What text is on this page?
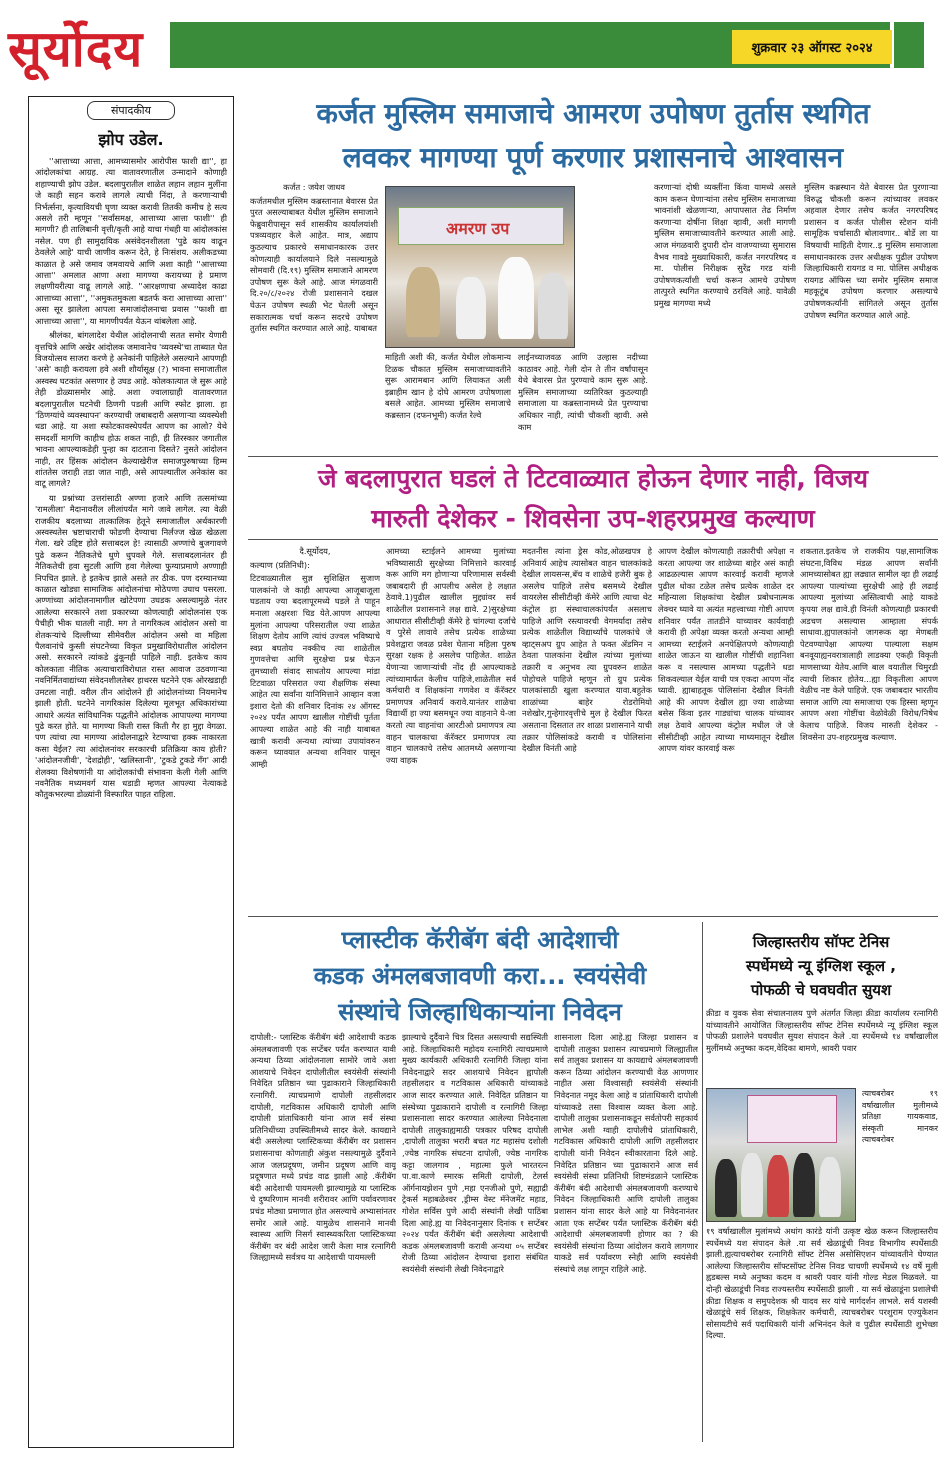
सूर्योदय	शुक्रवार २३ ऑगस्ट २०२४
संपादकीय
झोप उडेल.

''आत्ताच्या आत्ता, आमच्यासमोर आरोपीस फाशी द्या'', हा आंदोलकांचा आग्रह. त्या वातावरणातील उन्मादाने कोणाही शहाण्याची झोप उडेल. बदलापुरातील शाळेत लहान लहान मुलींना जे काही सहन करावे लागले त्याची निंदा, ते करणाऱ्याची निर्भर्त्सना, कृत्यावियची घृणा व्यक्त करावी तितकी कमीच हे सत्य असले तरी म्हणून ''सर्वांसमक्ष, आत्ताच्या आत्ता फाशी'' ही मागणी? ही तालिबानी वृत्ती/कृती आहे याचा गंधही या आंदोलकांस नसेल. पण ही सामुदायिक असंवेदनशीलता 'पुढे काय वाढून ठेवलेले आहे' याची जाणीव करून देते, हे निःसंशय. अलीकडच्या काळात हे असे जमाव जमवायचे आणि अशा काही ''आत्ताच्या आत्ता'' अमलात आणा अशा मागण्या करायच्या हे प्रमाण लक्षणीयरीत्या वाढू लागले आहे. ''आरक्षणाचा अध्यादेश काढा आत्ताच्या आत्ता'', ''अमुकतमुकला बडतर्फ करा आत्ताच्या आत्ता'' असा सूर झालेला आपला समाजांदोलनाचा प्रवास ''फाशी द्या आत्ताच्या आत्ता'', या मागणीपर्यंत येऊन थांबलेला आहे.

श्रीलंका, बांगलादेश येथील आंदोलनाची सतत समोर येणारी वृत्तचित्रे आणि अखेर आंदोलक जमावानेच 'व्यवस्थे'चा ताब्यात घेत विजयोत्सव साजरा करणे हे अनेकांनी पाहिलेले असल्याने आपणही 'असे' काही करायला हवे अशी शौर्यासूक्ष (?) भावना समाजातील अस्वस्थ घटकांत असणार हे उघड आहे. कोलकात्यात जे सुरू आहे तेही डोळ्यासमोर आहे. अशा ज्वालाग्राही वातावरणात बदलापुरातील घटनेची ठिणगी पडली आणि स्फोट झाला. हा 'ठिणग्यांचे व्यवस्थापन' करण्याची जबाबदारी असणाऱ्या व्यवस्थेशी धडा आहे. या अशा स्फोटकावस्थेपर्यंत आपण का आलो? येथे समदर्शी मागणि काहीच होऊ शकत नाही, ही तिरस्कार जगातील भावना आपल्याकडेही पुन्हा का दाटताना दिसते? नुसते आंदोलन नाही, तर हिंसक आंदोलन केल्याखेरीज समाजपुरुषाच्या हिम्म शांततेस जराही तडा जात नाही, असे आपल्यातील अनेकांस का वाटू लागले?

या प्रश्नांच्या उत्तरांसाठी अण्णा हजारे आणि तत्समांच्या 'रामलीला' मैदानावरील लीलांपर्यंत मागे जावे लागेल. त्या वेळी राजकीय बदलाच्या तात्कालिक हेतूने समाजातील अर्थकारणी अस्वस्थतेस भ्रष्टाचाराची फोडणी देण्याचा निर्लज्ज खेळ खेळला गेला. खरे उद्दिष्ट होते सत्ताबदल हे! त्यासाठी अण्णांचे बुजगावणे पुढे करून नैतिकतेचे धुणे धुपवले गेले. सत्ताबदलानंतर ही नैतिकतेची हवा सुटली आणि हवा गेलेल्या फुग्याप्रमाणे अण्णाही निपचित झाले. हे इतकेच झाले असते तर ठीक. पण दरम्यानच्या काळात खोड्या सामाजिक आंदोलनांचा मोठेपणा उघाच पसरला. अण्णांच्या आंदोलनामागील खोटेपणा उघडक असल्यामुळे नंतर आलेल्या सरकारने तशा प्रकारच्या कोणत्याही आंदोलनांस एक पैचीही भीक घातली नाही. मग ते नागरिकत्व आंदोलन असो वा शेतकऱ्यांचे दिल्लीच्या सीमेवरील आंदोलन असो वा महिला पैलवानांचे कुस्ती संघटनेच्या विकृत प्रमुखाविरोधातील आंदोलन असो. सरकारने त्यांकडे ढुंकूनही पाहिले नाही. इतकेच काय कोलकाता नीतिक अत्याचाराविरोधात रास्त आवाज उठवणाऱ्या नवनिर्मितवाद्यांच्या संवेदनशीलतेबर हाथरस घटनेने एक ओरखडाही उमटला नाही. वरील तीन आंदोलने ही आंदोलनांच्या नियमानेच झाली होती. घटनेने नागरिकांस दिलेल्या मूलभूत अधिकारांच्या आधारे अत्यंत सांविधानिक पद्धतीने आंदोलक आपापल्या मागण्या पुढे करत होते. या मागण्या किती रास्त किती गैर हा मुद्दा वेगळा. पण त्यांचा त्या मागण्या आंदोलनाद्वारे रेटण्याचा हक्क नाकारता कसा येईल? त्या आंदोलनांवर सरकारची प्रतिक्रिया काय होती? 'आंदोलनजीवी', 'देशद्रोही', 'खलिस्तानी', 'टुकडे टुकडे गँग' आदी शेलक्या विशेषणांनी या आंदोलकांची संभावना केली गेली आणि नवनैतिक मध्यमवर्ग यास धडाडी म्हणत आपल्या नेत्याकडे कौतुकभरल्या डोळ्यांनी विस्फारित पाहत राहिला.

कर्जत मुस्लिम समाजाचे आमरण उपोषण तुर्तास स्थगित
लवकर मागण्या पूर्ण करणार प्रशासनाचे आश्वासन

कर्जत : जयेश जाधव

कर्जतमधील मुस्लिम कब्रस्तानात बेवारस प्रेत पुरत असल्याबाबत येथील मुस्लिम समाजाने फेब्रुवारीपासून सर्व शासकीय कार्यालयांशी पत्रव्यवहार केले आहेत. मात्र, अद्याप कुठल्याच प्रकारचे समाधानकारक उत्तर कोणत्याही कार्यालयाने दिले नसल्यामुळे सोमवारी (दि.१९) मुस्लिम समाजाने आमरण उपोषण सुरू केले आहे. आज मंगळवारी दि.२०/८/२०२४ रोजी प्रशासनाने दखल घेऊन उपोषण स्थळी भेट घेतली असून सकारात्मक चर्चा करून सदरचे उपोषण तुर्तास स्थगित करण्यात आले आहे. याबाबत

अमरण उप

माहिती अशी की, कर्जत येथील लोकमान्य टिळक चौकात मुस्लिम समाजाच्यावतीने सुरू आरामबान आणि लियाकत अली इब्राहीम खान हे दोघे आमरण उपोषणाला बसले आहेत. आमच्या मुस्लिम समाजाचे कब्रस्तान (दफनभूमी) कर्जत रेल्वे

लाईनच्याजवळ आणि उल्हास नदीच्या काठावर आहे. गेली दोन ते तीन वर्षांपासून येथे बेवारस प्रेत पुरण्याचे काम सुरू आहे. मुस्लिम समाजाच्या व्यतिरिक्त कुठल्याही समाजाला या कब्रस्तानामध्ये प्रेत पुरण्याचा अधिकार नाही, त्यांची चौकशी व्हावी. असे काम

करणाऱ्यां दोषी व्यक्तींना किंवा यामध्ये असले काम करून घेणाऱ्यांना तसेच मुस्लिम समाजाच्या भावनांशी खेळणाऱ्या, आपापसात तेढ निर्माण करणाऱ्या दोषींना शिक्षा व्हावी, अशी मागणी मुस्लिम समाजाच्यावतीने करण्यात आली आहे. आज मंगळवारी दुपारी दोन वाजण्याच्या सुमारास वैभव गावडे मुख्याधिकारी, कर्जत नगरपरिषद व मा. पोलीस निरीक्षक सुरेंद्र गरड यांनी उपोषणकर्त्यांशी चर्चा करून आमचे उपोषण तात्पुरते स्थगित करण्याचे ठरविले आहे. यावेळी प्रमुख मागण्या मध्ये

मुस्लिम कब्रस्थान येते बेवारस प्रेत पुरणाऱ्या विरुद्ध चौकशी करून त्यांच्यावर लवकर अहवाल देणार तसेच कर्जत नगरपरिषद प्रशासन व कर्जत पोलीस स्टेशन यांनी सामूहिक चर्चासाठी बोलावणार.. बोर्डे ला या विषयाची माहिती देणार..इ मुस्लिम समाजाला समाधानकारक उत्तर अधीक्षक पुढील उपोषण जिल्हाधिकारी रायगड व मा. पोलिस अधीक्षक रायगड ऑफिस च्या समोर मुस्लिम समाज महकूटूंब उपोषण करणार असल्याचे उपोषणकर्त्यांनी सांगितले असून तुर्तास उपोषण स्थगित करण्यात आले आहे.

जे बदलापुरात घडलं ते टिटवाळ्यात होऊन देणार नाही, विजय
मारुती देशेकर - शिवसेना उप-शहरप्रमुख कल्याण

दै.सूर्योदय,

कल्याण (प्रतिनिधी):

टिटवाळ्यातील सुज्ञ सुशिक्षित सुजाण पालकांनो जे काही आपल्या आजूबाजूला घडताय ज्या बदलापूरमध्ये घडले ते पाहून मनाला अक्षरशः चिड येते.आपण आपल्या मुलांना आपल्या परिसरातील ज्या शाळेत शिक्षण देतोय आणि त्यांचं उज्वल भविष्याचे स्वप्न बघतोय नक्कीच त्या शाळेतील गुणवत्तेचा आणि सुरक्षेचा प्रश्न घेऊन तुमच्याशी संवाद साधतोय आपल्या मांडा टिटवाळा परिसरात ज्या शैक्षणिक संस्था आहेत त्या सर्वांना यानिमित्ताने आव्हान वजा इशारा देतो की शनिवार दिनांक २४ ऑगस्ट २०२४ पर्यंत आपण खालील गोष्टींची पूर्तता आपल्या शाळेत आहे की नाही याबाबत खात्री करावी अन्यथा त्यांच्या उपायांवरुन करून घ्यावयात अन्यथा शनिवार पासून आम्ही

आमच्या स्टाईलने आमच्या मुलांच्या भविष्यासाठी सुरक्षेच्या निमित्ताने कारवाई करू आणि मग होणाऱ्या परिणामास सर्वस्वी जबाबदारी ही आपलीच असेल हे लक्षात ठेवावे.1)पुढील खालील मुद्द्यांवर सर्व शाळेतील प्रशासनाने लक्ष द्यावे. 2)सुरक्षेच्या आधारात सीसीटीव्ही कॅमेरे हे चांगल्या दर्जाचे व पुरेसे लावावे तसेच प्रत्येक शाळेच्या प्रवेशद्वारा जवळ प्रवेश घेताना महिला पुरुष सुरक्षा रक्षक हे असलेच पाहिजेत. शाळेत येणाऱ्या जाणाऱ्यांची नोंद ही आपल्याकडे त्यांच्यामार्फत केलीच पाहिजे,शाळेतील सर्व कर्मचारी व शिक्षकांना गणवेश व कॅरॅक्टर प्रमाणपत्र अनिवार्य करावे.यानंतर शाळेचा विद्यार्थी हा ज्या बसमधून ज्या वाहनाने ये-जा करतो त्या वाहनांचा आरटीओ प्रमाणपत्र त्या वाहन चालकाचा कॅरॅक्टर प्रमाणपत्र त्या वाहन चालकाचे तसेच आतमध्ये असणाऱ्या ज्या वाहक

मदतनीस त्यांना ड्रेस कोड,ओळखपत्र हे अनिवार्य आहेच त्यासोबत वाहन चालकांकडे देखील लायसन्स,बॅच व शाळेचे हजेरी बुक हे असलेच पाहिजे तसेच बसमध्ये देखील वायरलेस सीसीटीव्ही कॅमेरे आणि त्याचा थेट कंट्रोल हा संस्थाचालकांपर्यंत असलाच पाहिजे आणि रस्त्यावरची वेगमर्यादा तसेच प्रत्येक शाळेतील विद्यार्थ्यांचे पालकांचे जे व्हाट्सअप ग्रुप आहेत ते फक्त ॲडमिन न ठेवता पालकांना देखील त्यांच्या मुलांच्या तक्रारी व अनुभव त्या ग्रुपवरुन शाळेत पोहोचले पाहिजे म्हणून तो ग्रुप प्रत्येक पालकांसाठी खुला करण्यात यावा.बहुतेक शाळांच्या बाहेर रोडरोमियो नशेखोर,गुन्हेगारवृत्तीचे मुल हे देखील फिरत असताना दिसतात तर शाळा प्रशासनाने याची तक्रार पोलिसांकडे करावी व पोलिसांना देखील विनंती आहे

आपण देखील कोणत्याही तक्रारीची अपेक्षा न करता आपल्या जर शाळेच्या बाहेर असं काही आढळल्यास आपण कारवाई करावी म्हणजे पुढील धोका टळेल तसेच प्रत्येक शाळेत दर महिन्याला शिक्षकांचा देखील प्रबोधनात्मक लेक्चर घ्यावे या अत्यंत महत्त्वाच्या गोष्टी आपण शनिवार पर्यंत तातडीने याच्यावर कार्यवाही करावी ही अपेक्षा व्यक्त करतो अन्यथा आम्ही आमच्या स्टाईलने अनपेक्षितपणे कोणत्याही शाळेत जाऊन या खालील गोष्टींची शहानिशा करू व नसल्यास आमच्या पद्धतीने धडा शिकवल्याल येईल याची पत्र एकदा आपण नोंद घ्यावी. ह्याबाहतूक पोलिसांना देखील विनंती आहे की आपण देखील ह्या ज्या शाळेच्या बसेस किंवा इतर गाड्यांचा चालक यांच्यावर लक्ष ठेवावे आपल्या कंट्रोल मधील जे जे सीसीटीव्ही आहेत त्याच्या माध्यमातून देखील आपण यांवर कारवाई करू

शकतात.इतकेच जे राजकीय पक्ष,सामाजिक संघटना,विविध मंडळ आपण सर्वांनी आमच्यासोबत ह्या लढ्यात सामील व्हा ही लढाई आपल्या पाल्यांच्या सुरक्षेची आहे ही लढाई आपल्या मुलांच्या अस्तित्वाची आहे याकडे कृपया लक्ष द्यावे.ही विनंती कोणत्याही प्रकारची अडचण असल्यास आम्हाला संपर्क साधावा.ह्यपालकांनो जागरूक व्हा मेणबती पेटवण्यापेक्षा आपल्या पाल्याला सक्षम बनवूयाह्यनवरात्रालाही लाडक्या एकही विकृती माणसाच्या येतेय.आणि बाल वयातील चिमुरडी त्याची शिकार होतेय...ह्या विकृतीला आपण वेळीच नष्ट केले पाहिजे. एक जबाबदार भारतीय समाज आणि त्या समाजाचा एक हिस्सा म्हणून आपण अशा गोष्टींचा वेळोवेळी विरोध/निषेध केलाच पाहिजे. विजय मारुती देशेकर - शिवसेना उप-शहरप्रमुख कल्याण.

प्लास्टीक कॅरीबॅग बंदी आदेशाची
कडक अंमलबजावणी करा... स्वयंसेवी
संस्थांचे जिल्हाधिकाऱ्यांना निवेदन

दापोली:- प्लास्टिक कॅरीबॅग बंदी आदेशाची कडक अंमलबजावणी एक सप्टेंबर पर्यंत करण्यात यावी अन्यथा ठिय्या आंदोलनाला सामोरे जावे अशा आशयाचे निवेदन दापोलीतील स्वयंसेवी संस्थांनी निवेदित प्रतिष्ठान च्या पुढाकाराने जिल्हाधिकारी रत्नागिरी. त्याचप्रमाणे दापोली तहसीलदार दापोली, गटविकास अधिकारी दापोली आणि दापोली प्रांताधिकारी यांना आज सर्व संस्था प्रतिनिधींच्या उपस्थितीमध्ये सादर केले. कायद्याने बंदी असलेल्या प्लास्टिकच्या कॅरीबॅग वर प्रशासन प्रशासनाचा कोणताही अंकुश नसल्यामुळे दुर्दैवाने आज जलप्रदूषण, जमीन प्रदूषण आणि वायू प्रदूषणात मध्ये प्रचंड वाढ झाली आहे .कॅरीबॅग बंदी आदेशाची पायमल्ली झाल्यामुळे या प्लास्टिक चे दुष्परिणाम मानवी शरीरावर आणि पर्यावरणावर प्रचंड मोठ्या प्रमाणात होत असल्याचे अभ्यासांनतर समोर आले आहे. यामुळेच शासनाने मानवी स्वास्थ्य आणि निसर्ग स्वास्थ्यकरिता प्लास्टिकच्या कॅरीबॅग वर बंदी आदेश जारी केला मात्र रत्नागिरी जिल्ह्यामध्ये सर्वत्रच या आदेशाची पायमल्ली

झाल्याचे दुर्दैवाने चित्र दिसत असल्याची सद्यस्थिती आहे. जिल्हाधिकारी महोदय रत्नागिरी त्याचप्रमाणे मुख्य कार्यकारी अधिकारी रत्नागिरी जिल्हा यांना निवेदनाद्वारे सदर आशयाचे निवेदन ह्वापोली तहसीलदार व गटविकास अधिकारी यांच्याकडे आज सादर करण्यात आले. निवेदित प्रतिष्ठान या संस्थेच्या पुढाकाराने दापोली व रत्नागिरी जिल्हा प्रशासनाला सादर करण्यात आलेल्या निवेदनाला दापोली तालुकाह्यमाठी पत्रकार परिषद दापोली ,दापोली तालुका भरारी बचत गट महासंघ दशोली ,ज्येष्ठ नागरिक संघटना दापोली, ज्येष्ठ नागरिक कट्टा जालगाव , महात्मा फुले भारतरत्न पा.वा.काणे स्मारक समिती दापोली, टेलर्स ऑर्गनायझेशन पुणे ,महा एनजीओ पुणे, सह्याद्री ट्रेकर्स महाबळेश्वर ,ड्रीम्स वेस्ट मॅनेजमेंट महाड, गोशेत सर्विस पुणे आदी संस्थांनी लेखी पाठिंबा दिला आहे.ह्य या निवेदनानुसार दिनांक १ सप्टेंबर २०२४ पर्यंत कॅरीबॅग बंदी असलेल्या आदेशाची कडक अंमलबजावणी करावी अन्यथा ०५ सप्टेंबर रोजी ठिय्या आंदोलन देण्याचा इशारा संबंधित स्वयंसेवी संस्थांनी लेखी निवेदनाद्वारे

शासनाला दिला आहे.ह्य जिल्हा प्रशासन व दापोली तालुका प्रशासन त्याचप्रमाणे जिल्ह्यातील सर्व तालुका प्रशासन या कायद्याचे अंमलबजावणी करून ठिय्या आंदोलन करण्याची वेळ आणणार नाहीत असा विश्वासही स्वयंसेवी संस्थांनी निवेदनात नमूद केला आहे व प्रांताधिकारी दापोली यांच्याकडे तसा विश्वास व्यक्त केला आहे. दापोली तालुका प्रशासनाकडून सर्वतोपरी सहकार्य लाभेल अशी ग्वाही दापोलीचे प्रांताधिकारी, गटविकास अधिकारी दापोली आणि तहसीलदार दापोली यांनी निवेदन स्वीकारताना दिले आहे. निवेदित प्रतिष्ठान च्या पुढाकाराने आज सर्व स्वयंसेवी संस्था प्रतिनिधी शिष्टमंडळाने प्लास्टिक कॅरीबॅग बंदी आदेशाची अंमलबजावणी करण्याचे निवेदन जिल्हाधिकारी आणि दापोली तालुका प्रशासन यांना सादर केले आहे या निवेदनानंतर आता एक सप्टेंबर पर्यंत प्लास्टिक कॅरीबॅग बंदी आदेशाची अंमलबजावणी होणार का ? की स्वयंसेवी संस्थांना ठिय्या आंदोलन करावे लागणार याकडे सर्व पर्यावरण स्नेही आणि स्वयंसेवी संस्थांचे लक्ष लागून राहिले आहे.

जिल्हास्तरीय सॉफ्ट टेनिस
स्पर्धेमध्ये न्यू इंग्लिश स्कूल ,
पोफळी चे घवघवीत सुयश

क्रीडा व युवक सेवा संचालनालय पुणे अंतर्गत जिल्हा क्रीडा कार्यालय रत्नागिरी यांच्यावतीने आयोजित जिल्हास्तरीय सॉफ्ट टेनिस स्पर्धेमध्ये न्यू इंग्लिश स्कूल पोफळी प्रशालेने घवघवीत सुयश संपादन केले .या स्पर्धेमध्ये १४ वर्षांखालील मुलींमध्ये अनुष्का कदम,वेदिका बामणे, श्रावरी पवार

त्याचबरोबर १९ वर्षाखालील मुलीमध्ये प्रतिक्षा गायकवाड, संस्कृती मानकर त्याचबरोबर

१९ वर्षाखालील मुलांमध्ये अथांग कारंडे यांनी उत्कृष्ट खेळ करून जिल्हास्तरीय स्पर्धेमध्ये यश संपादन केले .या सर्व खेळाडूंची निवड विभागीय स्पर्धेसाठी झाली.ह्यत्याचबरोबर रत्नागिरी सॉफ्ट टेनिस असोसिएशन यांच्यावतीने घेण्यात आलेल्या जिल्हास्तरीय सॉफ्टसॉफ्ट टेनिस निवड चाचणी स्पर्धेमध्ये १४ वर्षे मुली ह्वडबल्स मध्ये अनुष्का कदम व श्रावरी पवार यांनी गोल्ड मेडल मिळवले. या दोन्ही खेळाडूंची निवड राज्यस्तरीय स्पर्धेसाठी झाली . या सर्व खेळाडूंना प्रशालेची क्रीडा शिक्षक व समुपदेशक श्री यादव सर यांचे मार्गदर्शन लाभले. सर्व यशस्वी खेळाडूंचे सर्व शिक्षक, शिक्षकेतर कर्मचारी, त्याचबरोबर परशुराम एज्युकेशन सोसायटीचे सर्व पदाधिकारी यांनी अभिनंदन केले व पुढील स्पर्धेसाठी शुभेच्छा दिल्या.
